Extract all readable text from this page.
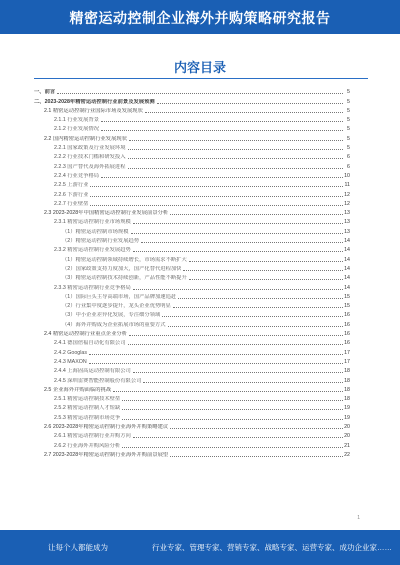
精密运动控制企业海外并购策略研究报告
内容目录
一、前言	5
二、2023-2028年精密运动控制行业前景及发展预测	5
2.1 精密运动控制行业国际市场及发展现状	5
2.1.1 行业发展背景	5
2.1.2 行业发展情况	5
2.2 国内精密运动控制行业发展现状	5
2.2.1 国家政策及行业发展环境	5
2.2.2 行业技术门槛和研发投入	6
2.2.3 国产替代及海外拓展进程	6
2.2.4 行业竞争格局	10
2.2.5 上游行业	11
2.2.6 下游行业	12
2.2.7 行业壁垒	12
2.3 2023-2028年中国精密运动控制行业发展前景分析	13
2.3.1 精密运动控制行业市场规模	13
（1）精密运动控制市场规模	13
（2）精密运动控制行业发展趋势	14
2.3.2 精密运动控制行业发展趋势	14
（1）精密运动控制领域持续增长，市场需求不断扩大	14
（2）国家政策支持力度加大，国产化替代进程加快	14
（3）精密运动控制技术持续创新，产品性能不断提升	14
2.3.3 精密运动控制行业竞争格局	14
（1）国际巨头主导高端市场，国产品牌加速追赶	15
（2）行业集中度逐步提升，龙头企业优势明显	15
（3）中小企业差异化发展，专注细分领域	16
（4）海外并购成为企业拓展市场的重要方式	16
2.4 精密运动控制行业重点企业分析	16
2.4.1 德国倍福自动化有限公司	16
2.4.2 Googlas	17
2.4.3 MAXON	17
2.4.4 上海固高运动控制有限公司	18
2.4.5 深圳雷赛智能控制股份有限公司	18
2.5 企业海外并购面临的挑战	18
2.5.1 精密运动控制技术壁垒	18
2.5.2 精密运动控制人才短缺	19
2.5.3 精密运动控制市场竞争	19
2.6 2023-2028年精密运动控制行业海外并购策略建议	20
2.6.1 精密运动控制行业并购方向	20
2.6.2 行业海外并购风险分析	21
2.7 2023-2028年精密运动控制行业海外并购前景展望	22
1
让每个人都能成为	行业专家、管理专家、营销专家、战略专家、运营专家、成功企业家……
